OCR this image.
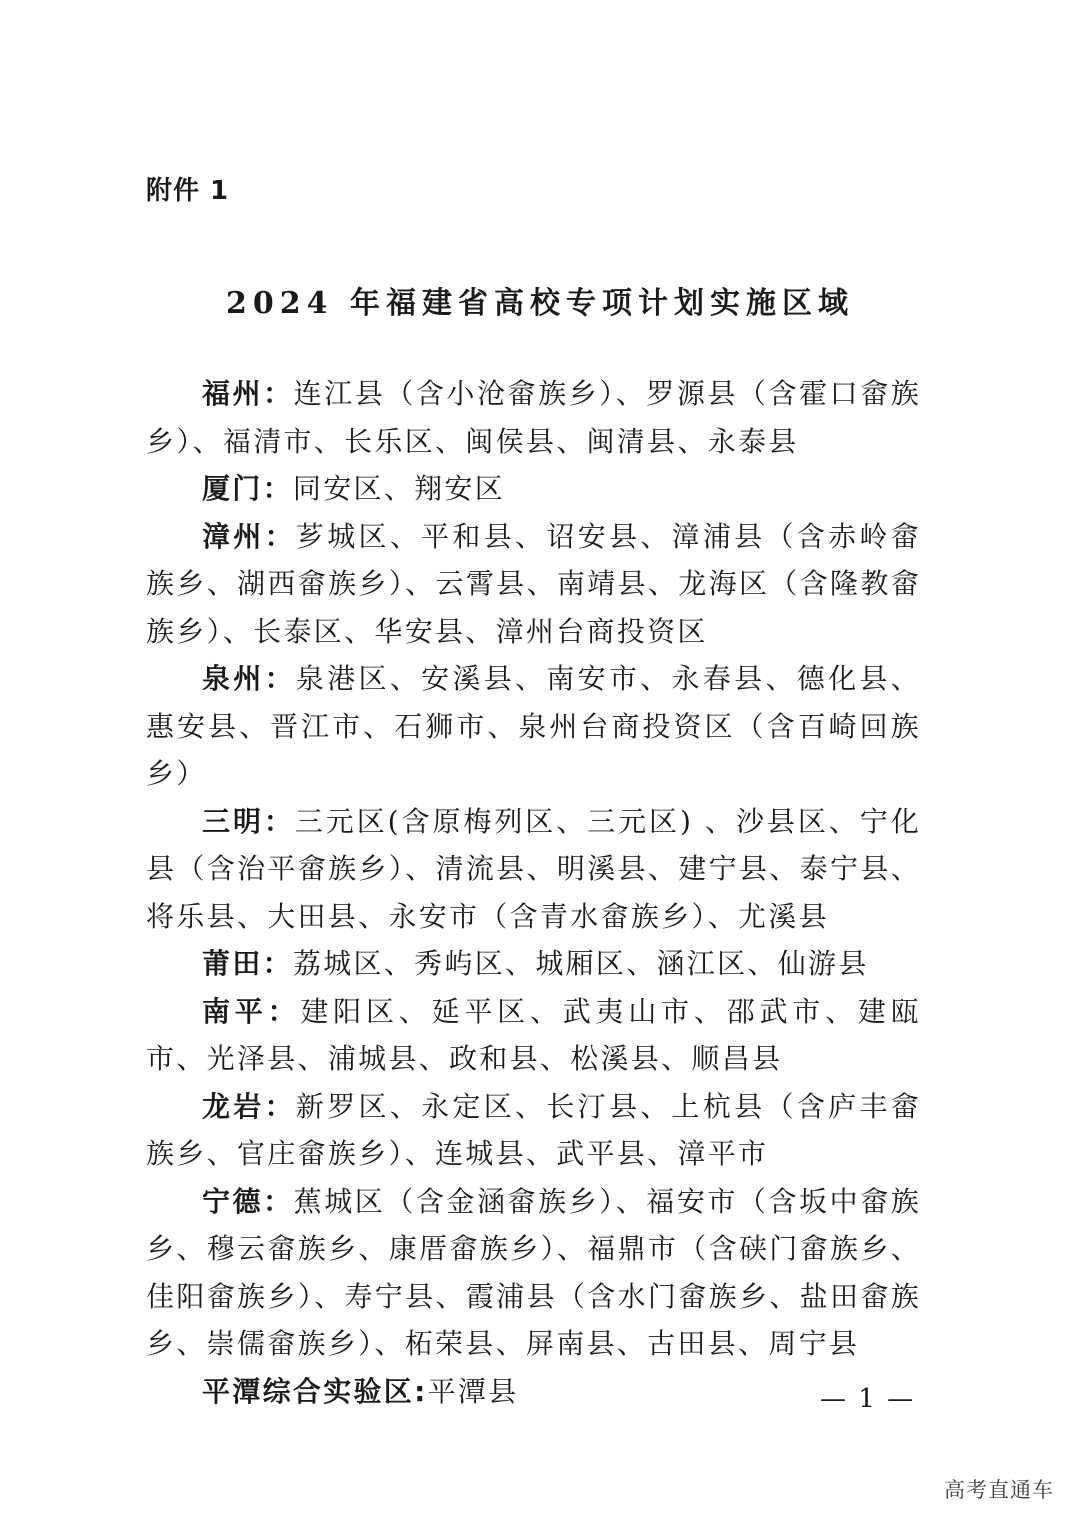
附件 1
2024 年福建省高校专项计划实施区域

福州：连江县（含小沧畲族乡）、罗源县（含霍口畲族乡）、福清市、长乐区、闽侯县、闽清县、永泰县

厦门：同安区、翔安区

漳州：芗城区、平和县、诏安县、漳浦县（含赤岭畲族乡、湖西畲族乡）、云霄县、南靖县、龙海区（含隆教畲族乡）、长泰区、华安县、漳州台商投资区

泉州：泉港区、安溪县、南安市、永春县、德化县、惠安县、晋江市、石狮市、泉州台商投资区（含百崎回族乡）

三明：三元区(含原梅列区、三元区) 、沙县区、宁化县（含治平畲族乡）、清流县、明溪县、建宁县、泰宁县、将乐县、大田县、永安市（含青水畲族乡）、尤溪县

莆田：荔城区、秀屿区、城厢区、涵江区、仙游县

南平：建阳区、延平区、武夷山市、邵武市、建瓯市、光泽县、浦城县、政和县、松溪县、顺昌县

龙岩：新罗区、永定区、长汀县、上杭县（含庐丰畲族乡、官庄畲族乡）、连城县、武平县、漳平市

宁德：蕉城区（含金涵畲族乡）、福安市（含坂中畲族乡、穆云畲族乡、康厝畲族乡）、福鼎市（含硖门畲族乡、佳阳畲族乡）、寿宁县、霞浦县（含水门畲族乡、盐田畲族乡、崇儒畲族乡）、柘荣县、屏南县、古田县、周宁县

平潭综合实验区:平潭县	— 1 —
高考直通车
